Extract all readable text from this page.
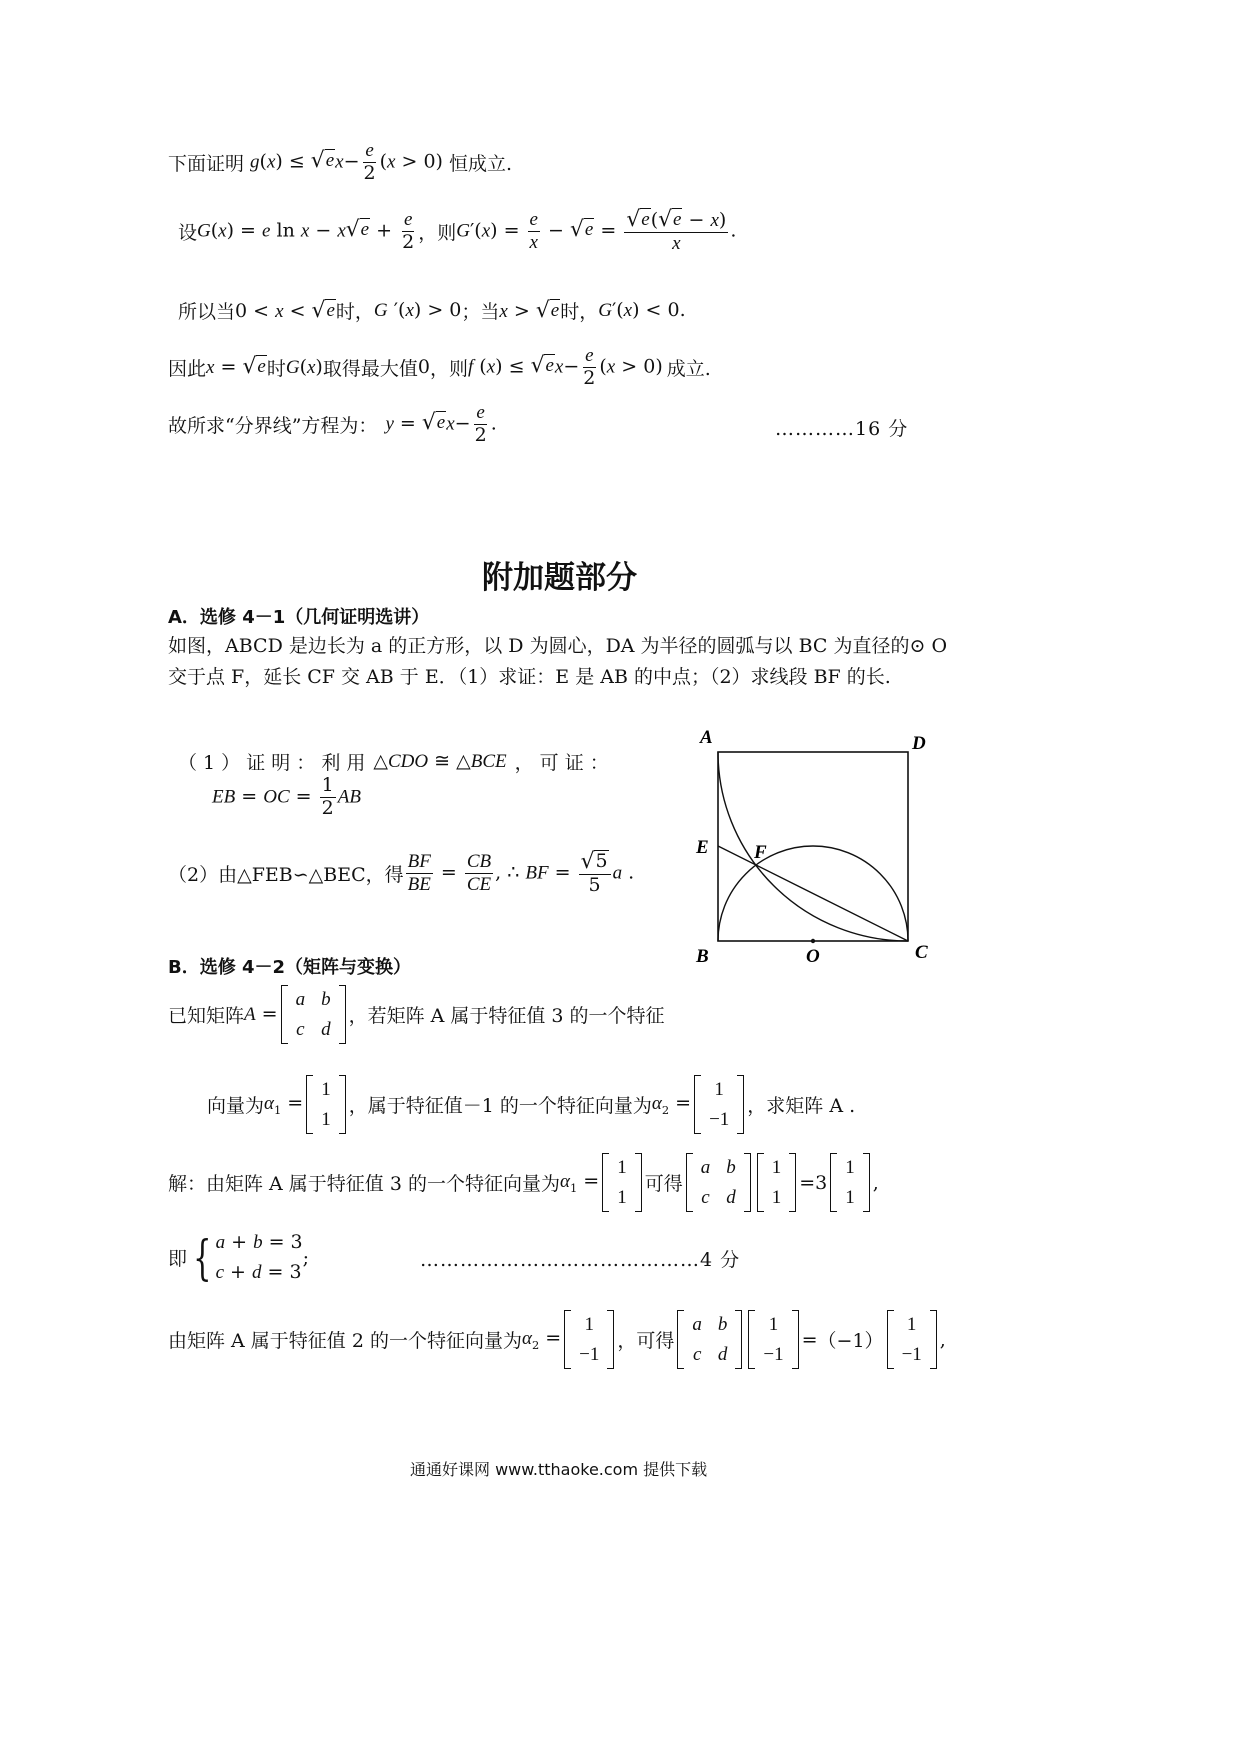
下面证明 g(x) ≤ √ e $x- \frac{e}{2} (x > 0)$ 恒成立.
设 G(x) = e ln x − x √ $e + \frac{e}{2}$ ，则 $G'(x) = \frac{e}{x}$ − √ $e = \frac{√ e ( √ e - x)}{x}$ .
所以当 0 < x < √ e 时， G ′(x) > 0 ；当 x > √ e 时， G′(x) < 0.
因此 x = √ e 时 G(x) 取得最大值 0 ，则 f (x) ≤ √ e $x- \frac{e}{2} (x > 0)$ 成立.
故所求“分界线”方程为： y = √ e $x- \frac{e}{2}$ .	…………16 分
附加题部分
A．选修 4－1（几何证明选讲）
如图，ABCD 是边长为 a 的正方形，以 D 为圆心，DA 为半径的圆弧与以 BC 为直径的⊙ O
交于点 F，延长 CF 交 AB 于 E．（1）求证：E 是 AB 的中点；（2）求线段 BF 的长.
（ 1 ） 证 明 ： 利 用 △CDO ≅ △BCE ， 可 证 ：
EB = OC = $\frac{1}{2}$ AB
（2）由△FEB∽△BEC，得 $\frac{BF}{BE} = \frac{CB}{CE}$ , ∴ BF = $\frac{√ 5}{5}$ a .
A	D
E F
B	O	C
B．选修 4－2（矩阵与变换）
已知矩阵 A =
a	b
c	d
，若矩阵 A 属于特征值 3 的一个特征
向量为 $\alpha_1$ =
1
1
，属于特征值－1 的一个特征向量为 $\alpha_2$ =
1
−1
，求矩阵 A .
解：由矩阵 A 属于特征值 3 的一个特征向量为 $\alpha_1$ =
1
1
可得
a	b
c	d
1
1
=3
1
1
,
即 { a + b = 3
c + d = 3
;	……………………………………4 分
由矩阵 A 属于特征值 2 的一个特征向量为 $\alpha_2$ =
1
−1
，可得
a	b
c	d
1
−1
= （−1）
1
−1
,
通通好课网 www.tthaoke.com 提供下载
